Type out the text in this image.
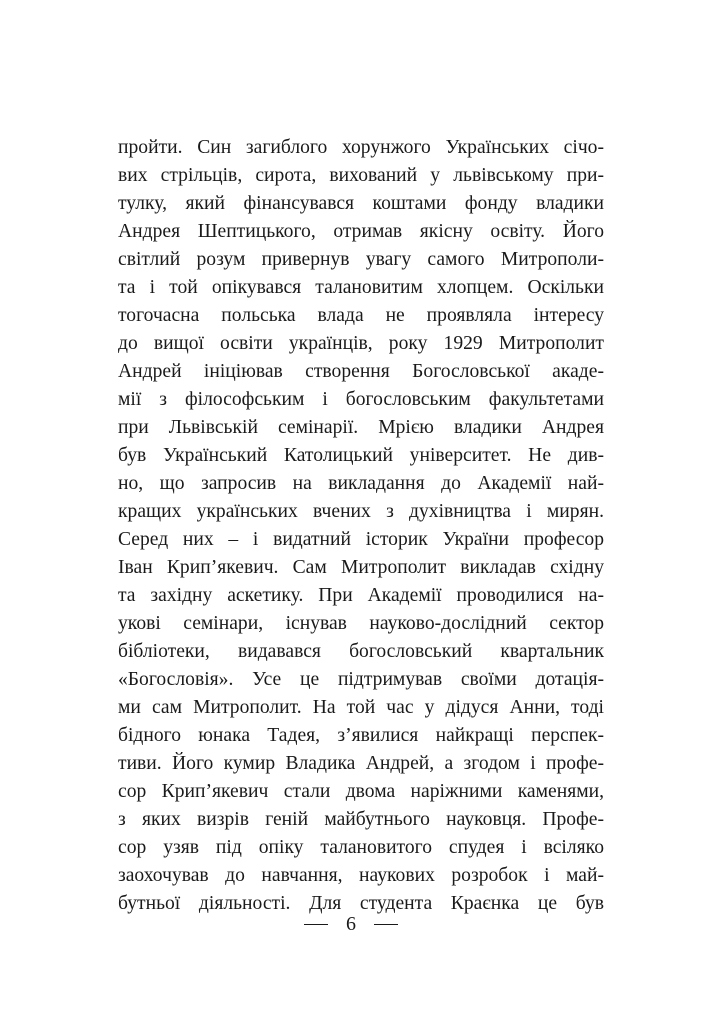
пройти. Син загиблого хорунжого Українських січо-
вих стрільців, сирота, вихований у львівському при-
тулку, який фінансувався коштами фонду владики
Андрея Шептицького, отримав якісну освіту. Його
світлий розум привернув увагу самого Митрополи-
та і той опікувався талановитим хлопцем. Оскільки
тогочасна польська влада не проявляла інтересу
до вищої освіти українців, року 1929 Митрополит
Андрей ініціював створення Богословської акаде-
мії з філософським і богословським факультетами
при Львівській семінарії. Мрією владики Андрея
був Український Католицький університет. Не див-
но, що запросив на викладання до Академії най-
кращих українських вчених з духівництва і мирян.
Серед них – і видатний історик України професор
Іван Крип’якевич. Сам Митрополит викладав східну
та західну аскетику. При Академії проводилися на-
укові семінари, існував науково-дослідний сектор
бібліотеки, видавався богословський квартальник
«Богословія». Усе це підтримував своїми дотація-
ми сам Митрополит. На той час у дідуся Анни, тоді
бідного юнака Тадея, з’явилися найкращі перспек-
тиви. Його кумир Владика Андрей, а згодом і профе-
сор Крип’якевич стали двома наріжними каменями,
з яких визрів геній майбутнього науковця. Профе-
сор узяв під опіку талановитого спудея і всіляко
заохочував до навчання, наукових розробок і май-
бутньої діяльності. Для студента Краєнка це був
6
